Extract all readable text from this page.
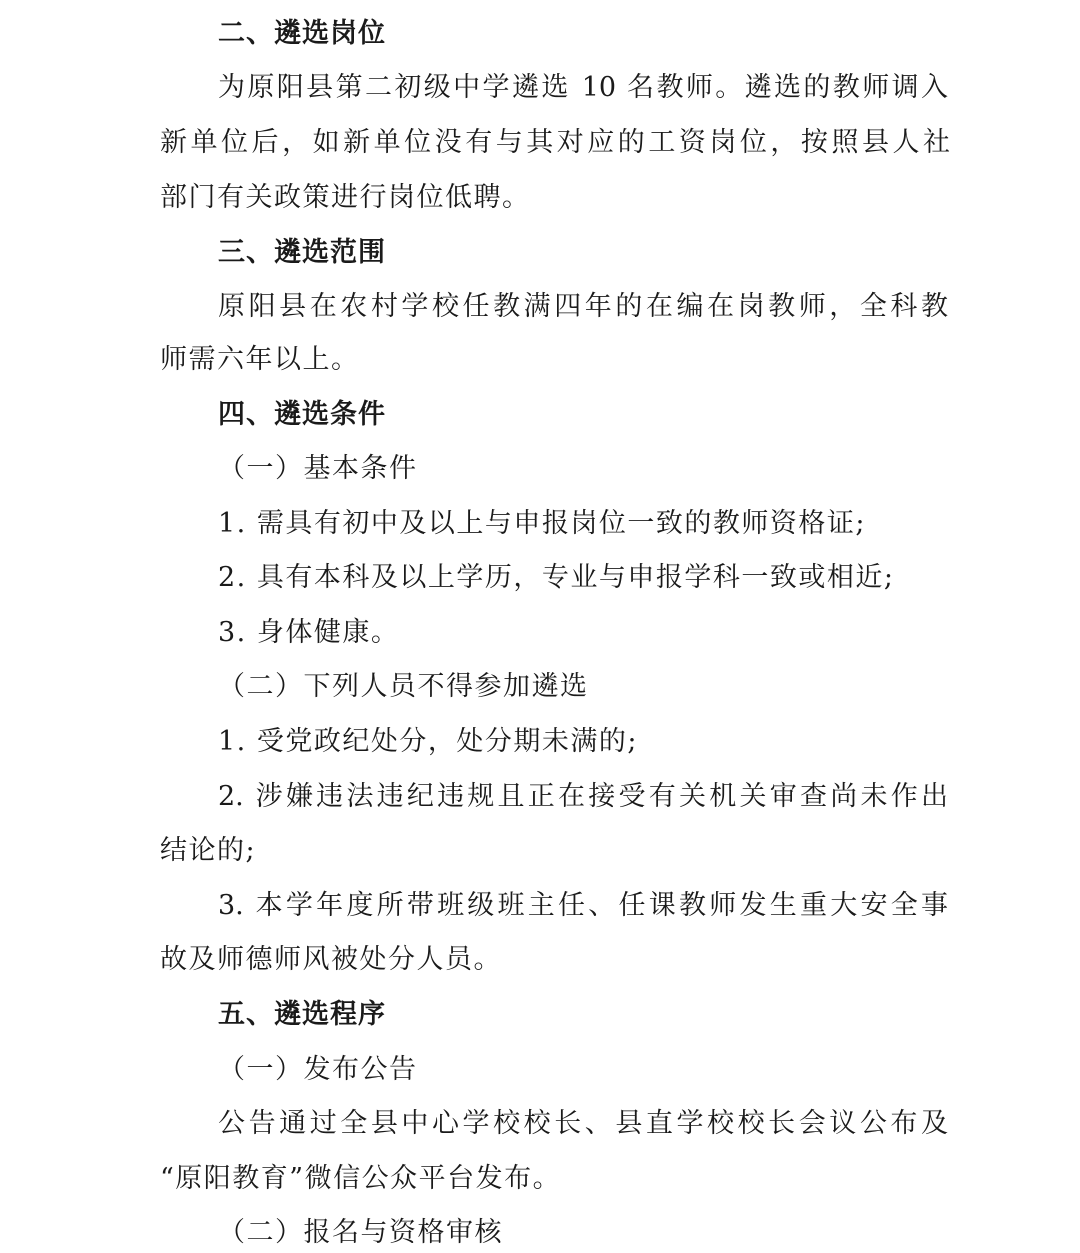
二、遴选岗位
为原阳县第二初级中学遴选 10 名教师。遴选的教师调入
新单位后，如新单位没有与其对应的工资岗位，按照县人社
部门有关政策进行岗位低聘。
三、遴选范围
原阳县在农村学校任教满四年的在编在岗教师，全科教
师需六年以上。
四、遴选条件
（一）基本条件
1. 需具有初中及以上与申报岗位一致的教师资格证;
2. 具有本科及以上学历，专业与申报学科一致或相近;
3. 身体健康。
（二）下列人员不得参加遴选
1. 受党政纪处分，处分期未满的;
2. 涉嫌违法违纪违规且正在接受有关机关审查尚未作出
结论的;
3. 本学年度所带班级班主任、任课教师发生重大安全事
故及师德师风被处分人员。
五、遴选程序
（一）发布公告
公告通过全县中心学校校长、县直学校校长会议公布及
“原阳教育”微信公众平台发布。
（二）报名与资格审核
